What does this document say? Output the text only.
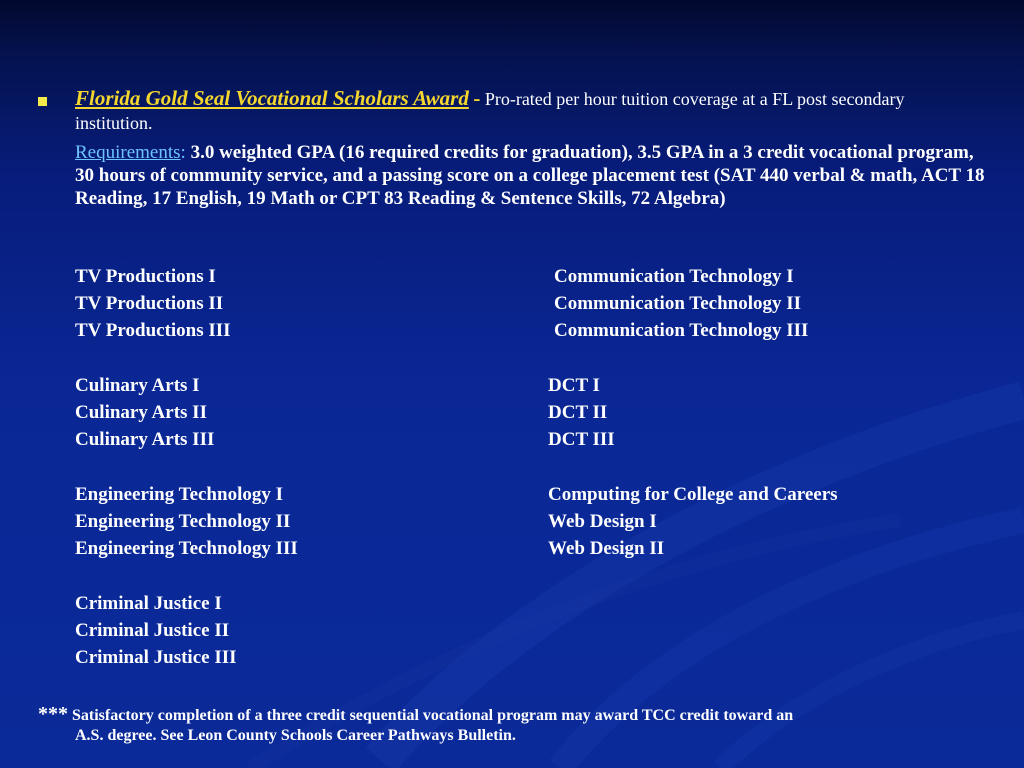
Florida Gold Seal Vocational Scholars Award - Pro-rated per hour tuition coverage at a FL post secondary institution.
Requirements: 3.0 weighted GPA (16 required credits for graduation), 3.5 GPA in a 3 credit vocational program, 30 hours of community service, and a passing score on a college placement test (SAT 440 verbal & math, ACT 18 Reading, 17 English, 19 Math or CPT 83 Reading & Sentence Skills, 72 Algebra)
TV Productions I
TV Productions II
TV Productions III
Communication Technology I
Communication Technology II
Communication Technology III
Culinary Arts I
Culinary Arts II
Culinary Arts III
DCT I
DCT II
DCT III
Engineering Technology I
Engineering Technology II
Engineering Technology III
Computing for College and Careers
Web Design I
Web Design II
Criminal Justice I
Criminal Justice II
Criminal Justice III
*** Satisfactory completion of a three credit sequential vocational program may award TCC credit toward an
A.S. degree. See Leon County Schools Career Pathways Bulletin.
